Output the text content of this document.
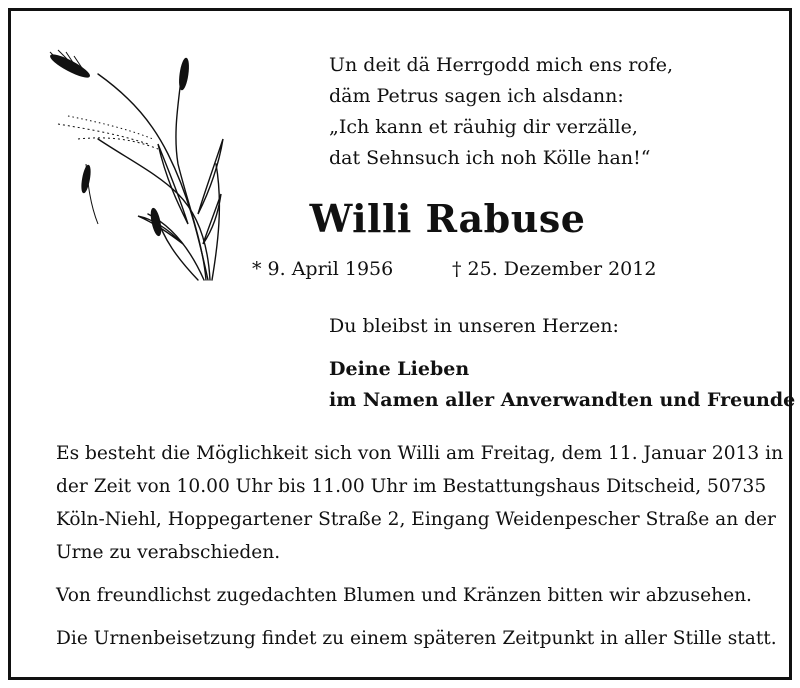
Un deit dä Herrgodd mich ens rofe,
däm Petrus sagen ich alsdann:
„Ich kann et räuhig dir verzälle,
dat Sehnsuch ich noh Kölle han!“
Willi Rabuse
* 9. April 1956	† 25. Dezember 2012
Du bleibst in unseren Herzen:
Deine Lieben
im Namen aller Anverwandten und Freunde
Es besteht die Möglichkeit sich von Willi am Freitag, dem 11. Januar 2013 in
der Zeit von 10.00 Uhr bis 11.00 Uhr im Bestattungshaus Ditscheid, 50735
Köln-Niehl, Hoppegartener Straße 2, Eingang Weidenpescher Straße an der
Urne zu verabschieden.
Von freundlichst zugedachten Blumen und Kränzen bitten wir abzusehen.
Die Urnenbeisetzung findet zu einem späteren Zeitpunkt in aller Stille statt.
